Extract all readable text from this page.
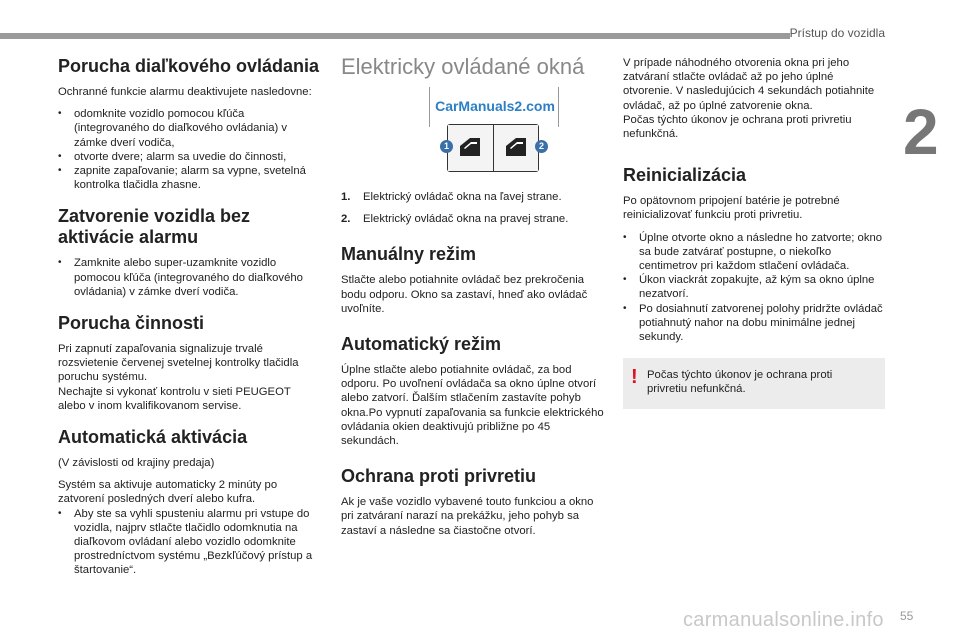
Prístup do vozidla
2
Porucha diaľkového ovládania

Ochranné funkcie alarmu deaktivujete nasledovne:

• odomknite vozidlo pomocou kľúča (integrovaného do diaľkového ovládania) v zámke dverí vodiča,
• otvorte dvere; alarm sa uvedie do činnosti,
• zapnite zapaľovanie; alarm sa vypne, svetelná kontrolka tlačidla zhasne.
Zatvorenie vozidla bez aktivácie alarmu
• Zamknite alebo super-uzamknite vozidlo pomocou kľúča (integrovaného do diaľkového ovládania) v zámke dverí vodiča.
Porucha činnosti

Pri zapnutí zapaľovania signalizuje trvalé rozsvietenie červenej svetelnej kontrolky tlačidla poruchu systému.

Nechajte si vykonať kontrolu v sieti PEUGEOT alebo v inom kvalifikovanom servise.

Automatická aktivácia

(V závislosti od krajiny predaja)

Systém sa aktivuje automaticky 2 minúty po zatvorení posledných dverí alebo kufra.

• Aby ste sa vyhli spusteniu alarmu pri vstupe do vozidla, najprv stlačte tlačidlo odomknutia na diaľkovom ovládaní alebo vozidlo odomknite prostredníctvom systému „Bezkľúčový prístup a štartovanie“.
Elektricky ovládané okná
CarManuals2.com
1	2
1. Elektrický ovládač okna na ľavej strane.
2. Elektrický ovládač okna na pravej strane.
Manuálny režim

Stlačte alebo potiahnite ovládač bez prekročenia bodu odporu. Okno sa zastaví, hneď ako ovládač uvoľníte.

Automatický režim

Úplne stlačte alebo potiahnite ovládač, za bod odporu. Po uvoľnení ovládača sa okno úplne otvorí alebo zatvorí. Ďalším stlačením zastavíte pohyb okna.Po vypnutí zapaľovania sa funkcie elektrického ovládania okien deaktivujú približne po 45 sekundách.

Ochrana proti privretiu

Ak je vaše vozidlo vybavené touto funkciou a okno pri zatváraní narazí na prekážku, jeho pohyb sa zastaví a následne sa čiastočne otvorí.

V prípade náhodného otvorenia okna pri jeho zatváraní stlačte ovládač až po jeho úplné otvorenie. V nasledujúcich 4 sekundách potiahnite ovládač, až po úplné zatvorenie okna.

Počas týchto úkonov je ochrana proti privretiu nefunkčná.

Reinicializácia

Po opätovnom pripojení batérie je potrebné reinicializovať funkciu proti privretiu.

• Úplne otvorte okno a následne ho zatvorte; okno sa bude zatvárať postupne, o niekoľko centimetrov pri každom stlačení ovládača.
• Úkon viackrát zopakujte, až kým sa okno úplne nezatvorí.
• Po dosiahnutí zatvorenej polohy pridržte ovládač potiahnutý nahor na dobu minimálne jednej sekundy.
! Počas týchto úkonov je ochrana proti privretiu nefunkčná.
carmanualsonline.info 55
